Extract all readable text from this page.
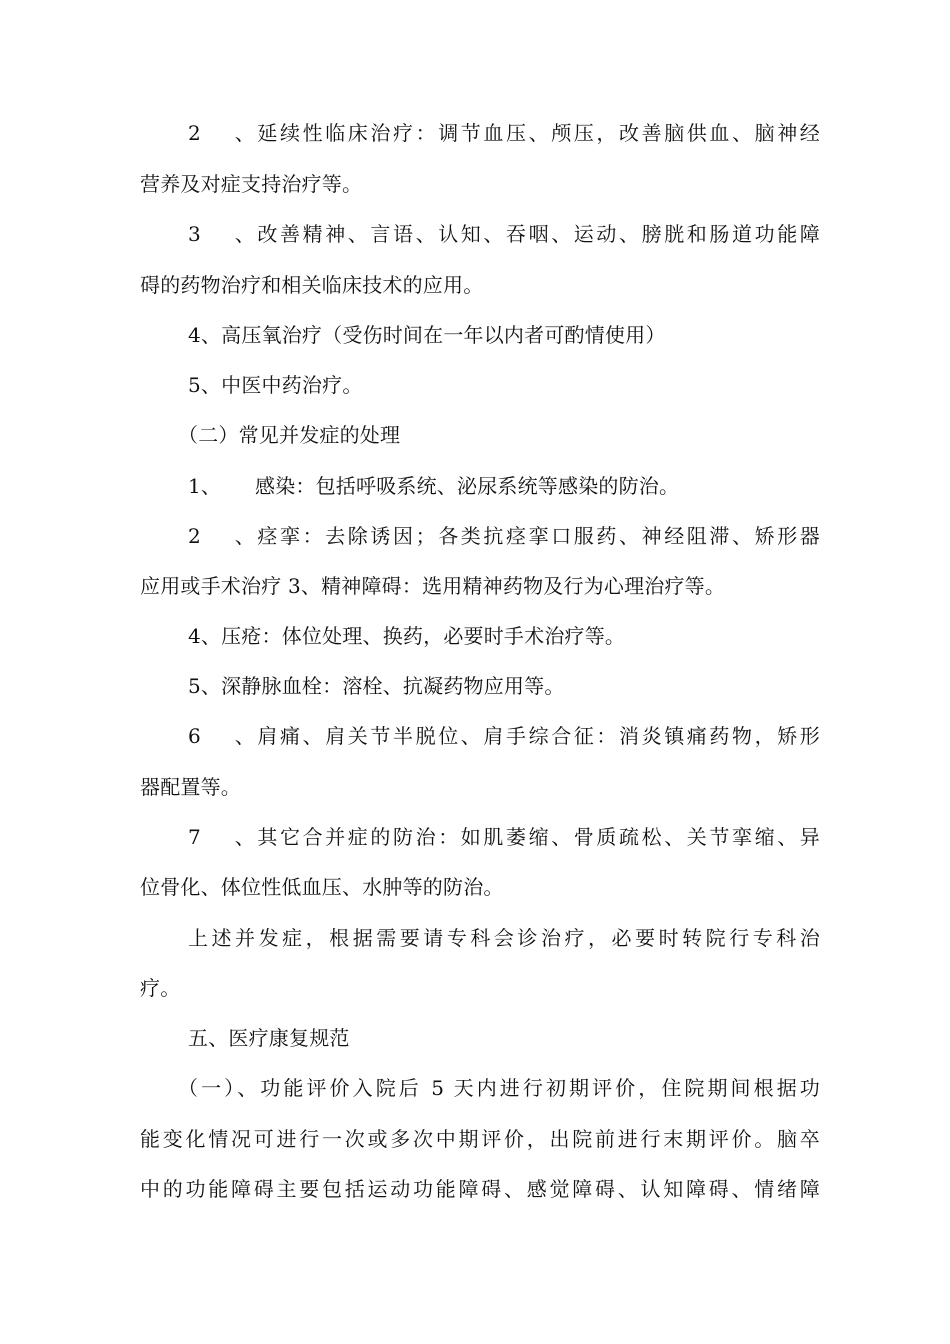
2、延续性临床治疗：调节血压、颅压，改善脑供血、脑神经
营养及对症支持治疗等。
3、改善精神、言语、认知、吞咽、运动、膀胱和肠道功能障
碍的药物治疗和相关临床技术的应用。
4、高压氧治疗（受伤时间在一年以内者可酌情使用）
5、中医中药治疗。
（二）常见并发症的处理
1、 感染：包括呼吸系统、泌尿系统等感染的防治。
2、痉挛：去除诱因；各类抗痉挛口服药、神经阻滞、矫形器
应用或手术治疗 3、精神障碍：选用精神药物及行为心理治疗等。
4、压疮：体位处理、换药，必要时手术治疗等。
5、深静脉血栓：溶栓、抗凝药物应用等。
6、肩痛、肩关节半脱位、肩手综合征：消炎镇痛药物，矫形
器配置等。
7、其它合并症的防治：如肌萎缩、骨质疏松、关节挛缩、异
位骨化、体位性低血压、水肿等的防治。
上述并发症，根据需要请专科会诊治疗，必要时转院行专科治
疗。
五、医疗康复规范
（一）、功能评价入院后 5 天内进行初期评价，住院期间根据功
能变化情况可进行一次或多次中期评价，出院前进行末期评价。脑卒
中的功能障碍主要包括运动功能障碍、感觉障碍、认知障碍、情绪障
